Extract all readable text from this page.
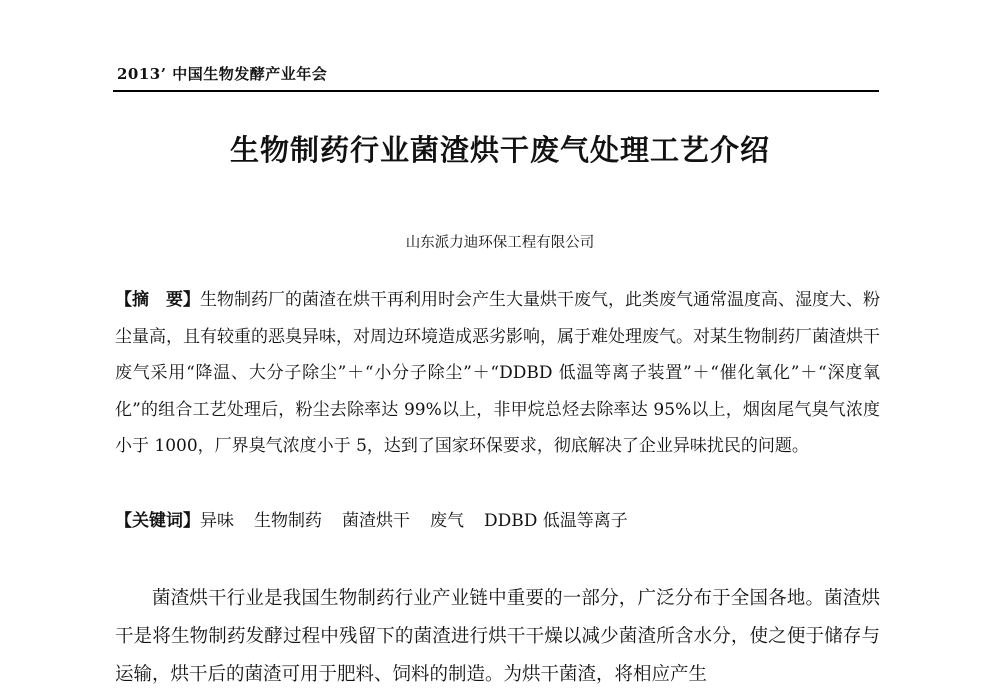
2013’ 中国生物发酵产业年会
生物制药行业菌渣烘干废气处理工艺介绍
山东派力迪环保工程有限公司

【摘　要】生物制药厂的菌渣在烘干再利用时会产生大量烘干废气，此类废气通常温度高、湿度大、粉尘量高，且有较重的恶臭异味，对周边环境造成恶劣影响，属于难处理废气。对某生物制药厂菌渣烘干废气采用“降温、大分子除尘”＋“小分子除尘”＋“DDBD 低温等离子装置”＋“催化氧化”＋“深度氧化”的组合工艺处理后，粉尘去除率达 99%以上，非甲烷总烃去除率达 95%以上，烟囱尾气臭气浓度小于 1000，厂界臭气浓度小于 5，达到了国家环保要求，彻底解决了企业异味扰民的问题。

【关键词】异味 生物制药 菌渣烘干 废气 DDBD 低温等离子

菌渣烘干行业是我国生物制药行业产业链中重要的一部分，广泛分布于全国各地。菌渣烘干是将生物制药发酵过程中残留下的菌渣进行烘干干燥以减少菌渣所含水分，使之便于储存与运输，烘干后的菌渣可用于肥料、饲料的制造。为烘干菌渣，将相应产生
